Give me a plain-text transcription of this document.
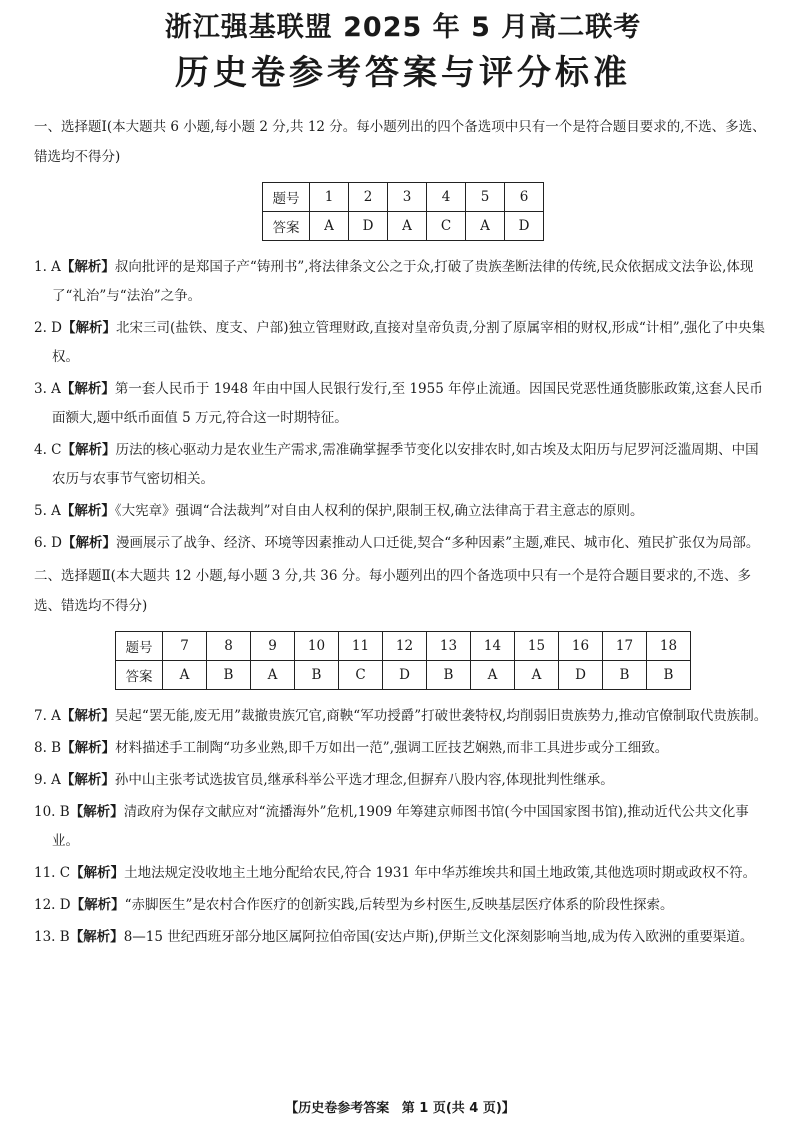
浙江强基联盟 2025 年 5 月高二联考
历史卷参考答案与评分标准

一、选择题Ⅰ(本大题共 6 小题,每小题 2 分,共 12 分。每小题列出的四个备选项中只有一个是符合题目要求的,不选、多选、错选均不得分)

题号	1	2	3	4	5	6
答案	A	D	A	C	A	D

1. A【解析】叔向批评的是郑国子产“铸刑书”,将法律条文公之于众,打破了贵族垄断法律的传统,民众依据成文法争讼,体现了“礼治”与“法治”之争。

2. D【解析】北宋三司(盐铁、度支、户部)独立管理财政,直接对皇帝负责,分割了原属宰相的财权,形成“计相”,强化了中央集权。

3. A【解析】第一套人民币于 1948 年由中国人民银行发行,至 1955 年停止流通。因国民党恶性通货膨胀政策,这套人民币面额大,题中纸币面值 5 万元,符合这一时期特征。

4. C【解析】历法的核心驱动力是农业生产需求,需准确掌握季节变化以安排农时,如古埃及太阳历与尼罗河泛滥周期、中国农历与农事节气密切相关。

5. A【解析】《大宪章》强调“合法裁判”对自由人权利的保护,限制王权,确立法律高于君主意志的原则。

6. D【解析】漫画展示了战争、经济、环境等因素推动人口迁徙,契合“多种因素”主题,难民、城市化、殖民扩张仅为局部。

二、选择题Ⅱ(本大题共 12 小题,每小题 3 分,共 36 分。每小题列出的四个备选项中只有一个是符合题目要求的,不选、多选、错选均不得分)

题号	7	8	9	10	11	12	13	14	15	16	17	18
答案	A	B	A	B	C	D	B	A	A	D	B	B

7. A【解析】吴起“罢无能,废无用”裁撤贵族冗官,商鞅“军功授爵”打破世袭特权,均削弱旧贵族势力,推动官僚制取代贵族制。

8. B【解析】材料描述手工制陶“功多业熟,即千万如出一范”,强调工匠技艺娴熟,而非工具进步或分工细致。

9. A【解析】孙中山主张考试选拔官员,继承科举公平选才理念,但摒弃八股内容,体现批判性继承。

10. B【解析】清政府为保存文献应对“流播海外”危机,1909 年筹建京师图书馆(今中国国家图书馆),推动近代公共文化事业。

11. C【解析】土地法规定没收地主土地分配给农民,符合 1931 年中华苏维埃共和国土地政策,其他选项时期或政权不符。

12. D【解析】“赤脚医生”是农村合作医疗的创新实践,后转型为乡村医生,反映基层医疗体系的阶段性探索。

13. B【解析】8—15 世纪西班牙部分地区属阿拉伯帝国(安达卢斯),伊斯兰文化深刻影响当地,成为传入欧洲的重要渠道。

【历史卷参考答案 第 1 页(共 4 页)】
